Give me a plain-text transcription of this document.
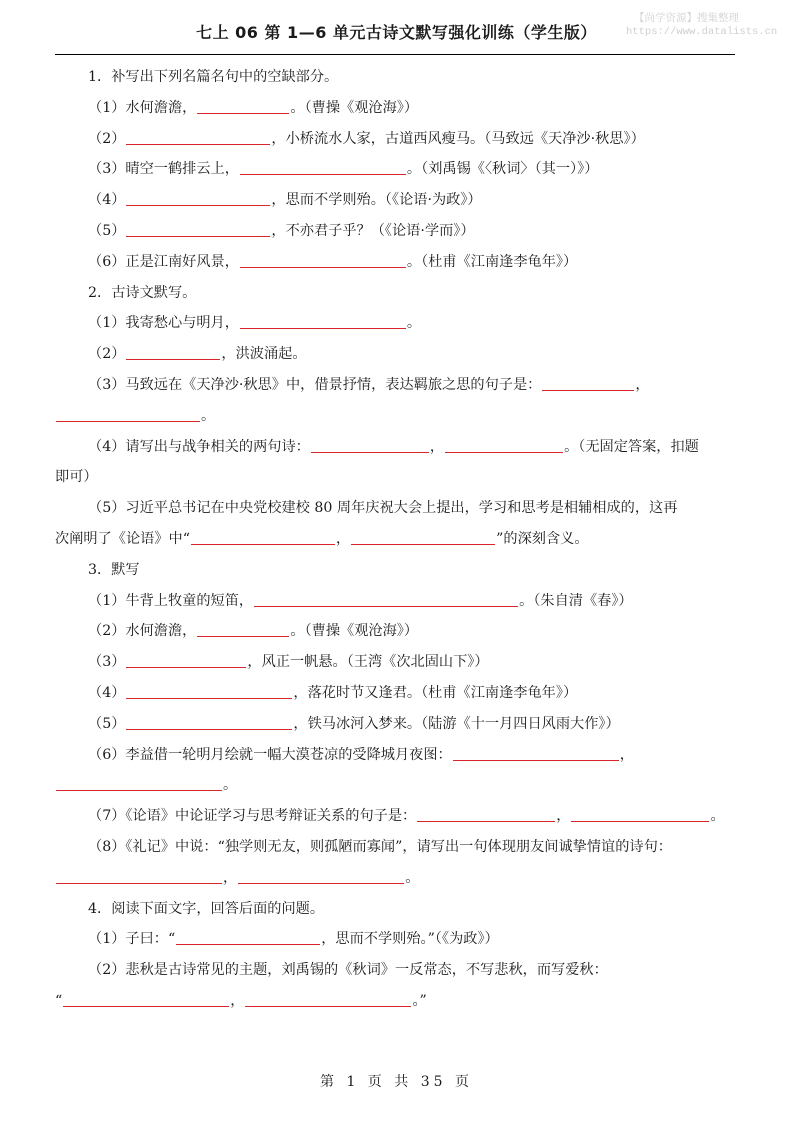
七上 06 第 1—6 单元古诗文默写强化训练（学生版）
【尚学资源】搜集整理
https://www.datalists.cn
1．补写出下列名篇名句中的空缺部分。
（1）水何澹澹，	。（曹操《观沧海》）
（2）	，小桥流水人家，古道西风瘦马。（马致远《天净沙·秋思》）
（3）晴空一鹤排云上，	。（刘禹锡《〈秋词〉（其一）》）
（4）	，思而不学则殆。（《论语·为政》）
（5）	，不亦君子乎？（《论语·学而》）
（6）正是江南好风景，	。（杜甫《江南逢李龟年》）
2．古诗文默写。
（1）我寄愁心与明月，	。
（2）	，洪波涌起。
（3）马致远在《天净沙·秋思》中，借景抒情，表达羁旅之思的句子是：	，
。
（4）请写出与战争相关的两句诗：	，	。（无固定答案，扣题
即可）
（5）习近平总书记在中央党校建校 80 周年庆祝大会上提出，学习和思考是相辅相成的，这再
次阐明了《论语》中“	，	”的深刻含义。
3．默写
（1）牛背上牧童的短笛，	。（朱自清《春》）
（2）水何澹澹，	。（曹操《观沧海》）
（3）	，风正一帆悬。（王湾《次北固山下》）
（4）	，落花时节又逢君。（杜甫《江南逢李龟年》）
（5）	，铁马冰河入梦来。（陆游《十一月四日风雨大作》）
（6）李益借一轮明月绘就一幅大漠苍凉的受降城月夜图：	，
。
（7）《论语》中论证学习与思考辩证关系的句子是：	，	。
（8）《礼记》中说：“独学则无友，则孤陋而寡闻”，请写出一句体现朋友间诚挚情谊的诗句：
，	。
4．阅读下面文字，回答后面的问题。
（1）子曰：“	，思而不学则殆。”（《为政》）
（2）悲秋是古诗常见的主题，刘禹锡的《秋词》一反常态，不写悲秋，而写爱秋：
“	，	。”
第 1 页 共 35 页
